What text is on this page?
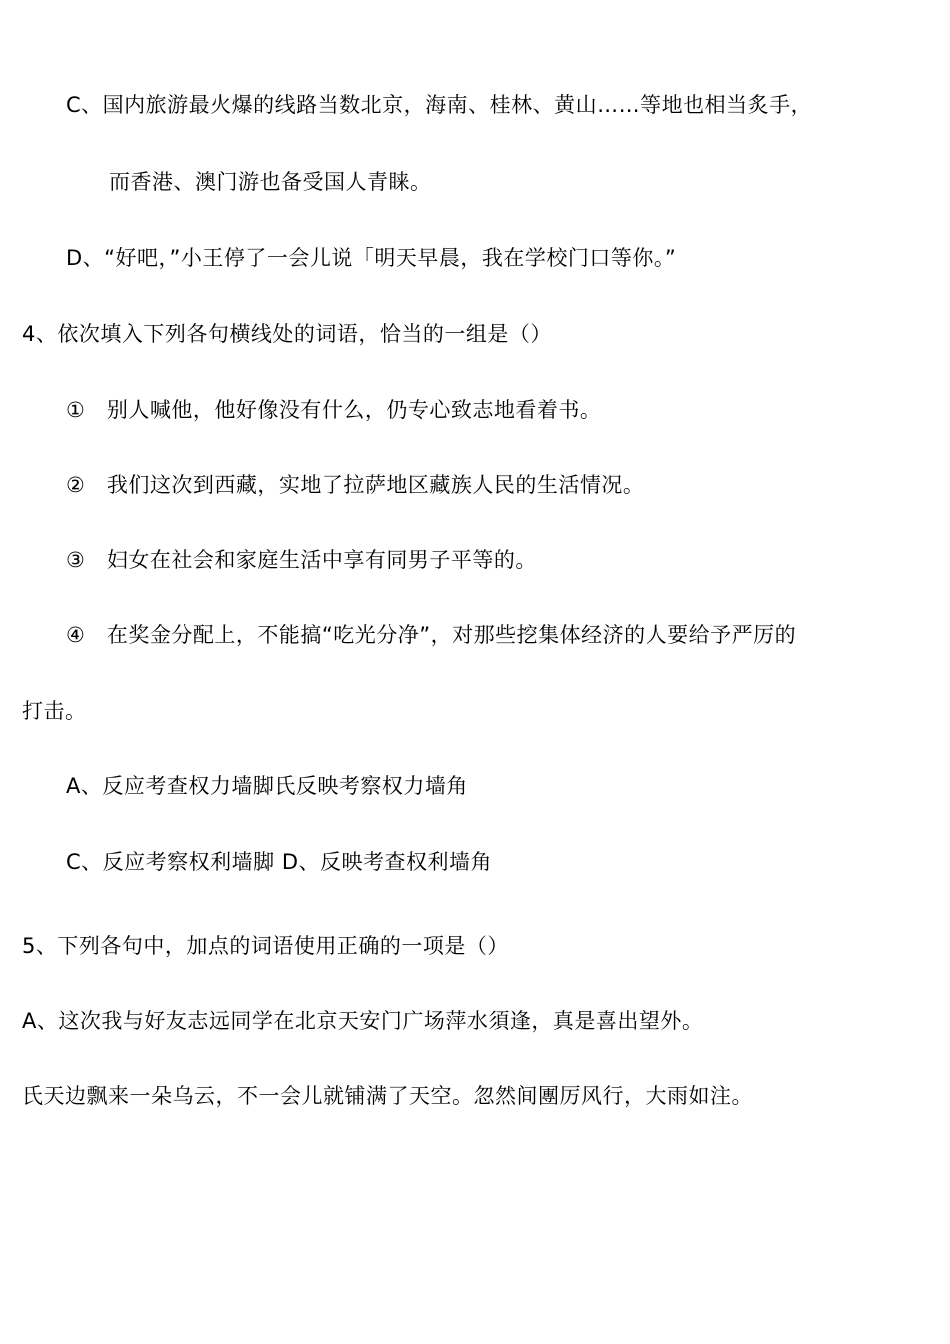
C、国内旅游最火爆的线路当数北京，海南、桂林、黄山……等地也相当炙手，
而香港、澳门游也备受国人青睐。
D、“好吧，”小王停了一会儿说「明天早晨，我在学校门口等你。”
4、依次填入下列各句横线处的词语，恰当的一组是（）
①　别人喊他，他好像没有什么，仍专心致志地看着书。
②　我们这次到西藏，实地了拉萨地区藏族人民的生活情况。
③　妇女在社会和家庭生活中享有同男子平等的。
④　在奖金分配上，不能搞“吃光分净”，对那些挖集体经济的人要给予严厉的
打击。
A、反应考查权力墙脚氏反映考察权力墙角
C、反应考察权利墙脚 D、反映考查权利墙角
5、下列各句中，加点的词语使用正确的一项是（）
A、这次我与好友志远同学在北京天安门广场萍水須逢，真是喜出望外。
氏天边飘来一朵乌云，不一会儿就铺满了天空。忽然间團厉风行，大雨如注。
